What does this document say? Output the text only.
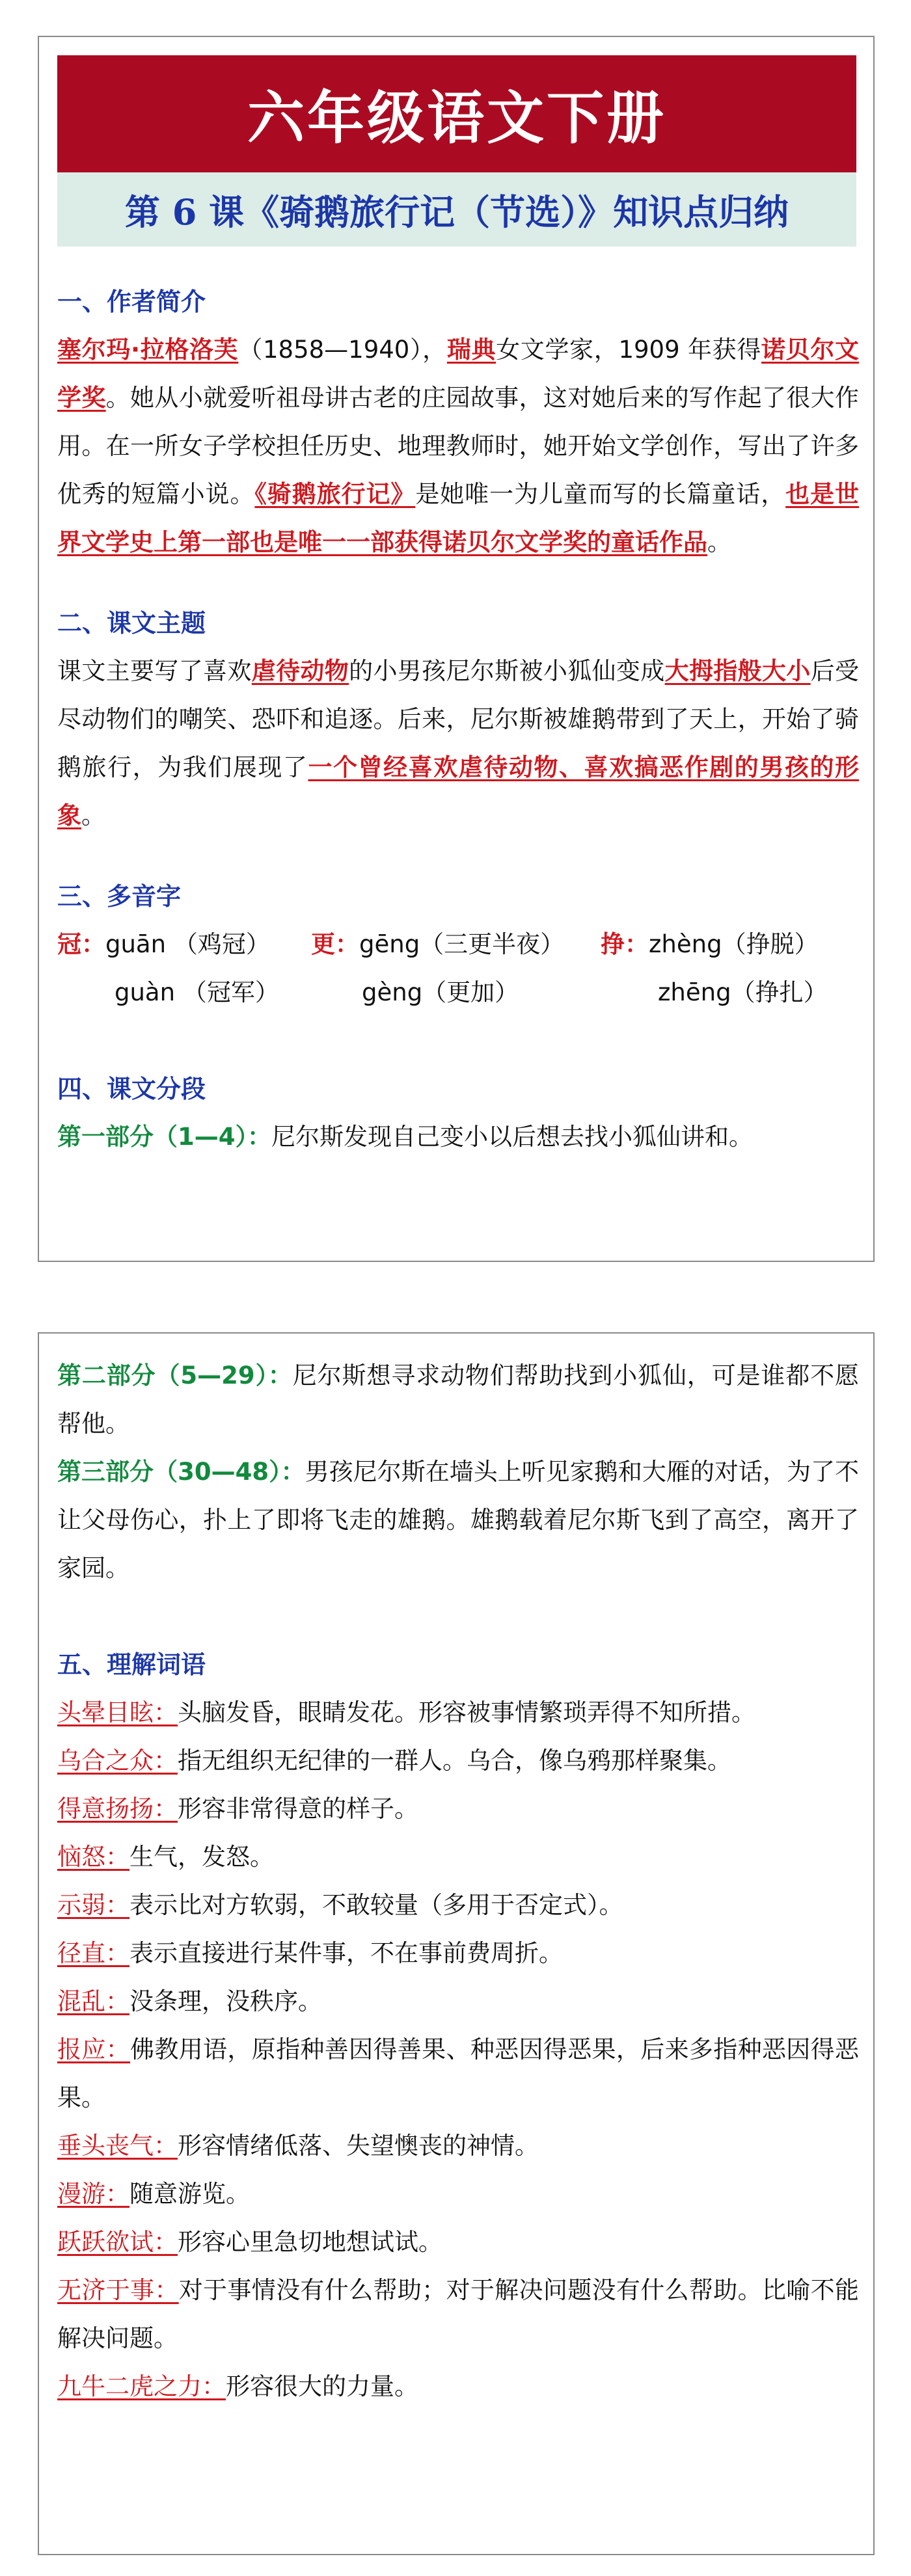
六年级语文下册
第 6 课《骑鹅旅行记（节选）》知识点归纳
一、作者简介
塞尔玛·拉格洛芙（1858—1940），瑞典女文学家，1909 年获得诺贝尔文学奖。她从小就爱听祖母讲古老的庄园故事，这对她后来的写作起了很大作用。在一所女子学校担任历史、地理教师时，她开始文学创作，写出了许多优秀的短篇小说。《骑鹅旅行记》是她唯一为儿童而写的长篇童话，也是世界文学史上第一部也是唯一一部获得诺贝尔文学奖的童话作品。
二、课文主题
课文主要写了喜欢虐待动物的小男孩尼尔斯被小狐仙变成大拇指般大小后受尽动物们的嘲笑、恐吓和追逐。后来，尼尔斯被雄鹅带到了天上，开始了骑鹅旅行，为我们展现了一个曾经喜欢虐待动物、喜欢搞恶作剧的男孩的形象。
三、多音字
冠：guān （鸡冠）	更：gēng（三更半夜）	挣：zhèng（挣脱）
guàn （冠军）	gèng（更加）	zhēng（挣扎）
四、课文分段
第一部分（1—4）：尼尔斯发现自己变小以后想去找小狐仙讲和。
第二部分（5—29）：尼尔斯想寻求动物们帮助找到小狐仙，可是谁都不愿帮他。
第三部分（30—48）：男孩尼尔斯在墙头上听见家鹅和大雁的对话，为了不让父母伤心，扑上了即将飞走的雄鹅。雄鹅载着尼尔斯飞到了高空，离开了家园。
五、理解词语
头晕目眩：头脑发昏，眼睛发花。形容被事情繁琐弄得不知所措。
乌合之众：指无组织无纪律的一群人。乌合，像乌鸦那样聚集。
得意扬扬：形容非常得意的样子。
恼怒：生气，发怒。
示弱：表示比对方软弱，不敢较量（多用于否定式）。
径直：表示直接进行某件事，不在事前费周折。
混乱：没条理，没秩序。
报应：佛教用语，原指种善因得善果、种恶因得恶果，后来多指种恶因得恶果。
垂头丧气：形容情绪低落、失望懊丧的神情。
漫游：随意游览。
跃跃欲试：形容心里急切地想试试。
无济于事：对于事情没有什么帮助；对于解决问题没有什么帮助。比喻不能解决问题。
九牛二虎之力：形容很大的力量。
